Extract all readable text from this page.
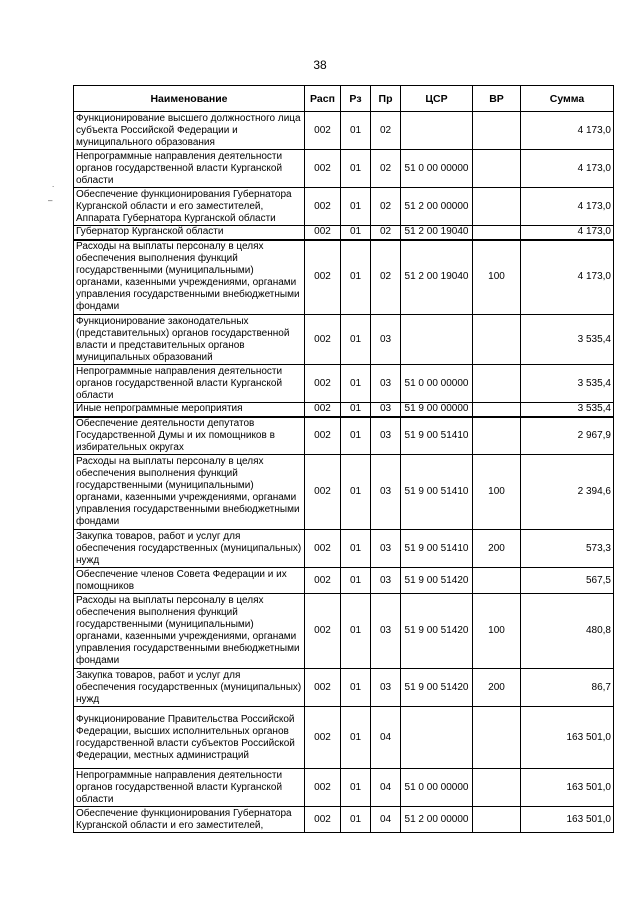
38
.
–
Наименование	Расп	Рз	Пр	ЦСР	ВР	Сумма
Функционирование высшего должностного лица субъекта Российской Федерации и муниципального образования	002	01	02			4 173,0
Непрограммные направления деятельности органов государственной власти Курганской области	002	01	02	51 0 00 00000		4 173,0
Обеспечение функционирования Губернатора Курганской области и его заместителей, Аппарата Губернатора Курганской области	002	01	02	51 2 00 00000		4 173,0
Губернатор Курганской области	002	01	02	51 2 00 19040		4 173,0
Расходы на выплаты персоналу в целях обеспечения выполнения функций государственными (муниципальными) органами, казенными учреждениями, органами управления государственными внебюджетными фондами	002	01	02	51 2 00 19040	100	4 173,0
Функционирование законодательных (представительных) органов государственной власти и представительных органов муниципальных образований	002	01	03			3 535,4
Непрограммные направления деятельности органов государственной власти Курганской области	002	01	03	51 0 00 00000		3 535,4
Иные непрограммные мероприятия	002	01	03	51 9 00 00000		3 535,4
Обеспечение деятельности депутатов Государственной Думы и их помощников в избирательных округах	002	01	03	51 9 00 51410		2 967,9
Расходы на выплаты персоналу в целях обеспечения выполнения функций государственными (муниципальными) органами, казенными учреждениями, органами управления государственными внебюджетными фондами	002	01	03	51 9 00 51410	100	2 394,6
Закупка товаров, работ и услуг для обеспечения государственных (муниципальных) нужд	002	01	03	51 9 00 51410	200	573,3
Обеспечение членов Совета Федерации и их помощников	002	01	03	51 9 00 51420		567,5
Расходы на выплаты персоналу в целях обеспечения выполнения функций государственными (муниципальными) органами, казенными учреждениями, органами управления государственными внебюджетными фондами	002	01	03	51 9 00 51420	100	480,8
Закупка товаров, работ и услуг для обеспечения государственных (муниципальных) нужд	002	01	03	51 9 00 51420	200	86,7
Функционирование Правительства Российской Федерации, высших исполнительных органов государственной власти субъектов Российской Федерации, местных администраций	002	01	04			163 501,0
Непрограммные направления деятельности органов государственной власти Курганской области	002	01	04	51 0 00 00000		163 501,0
Обеспечение функционирования Губернатора Курганской области и его заместителей,	002	01	04	51 2 00 00000		163 501,0
